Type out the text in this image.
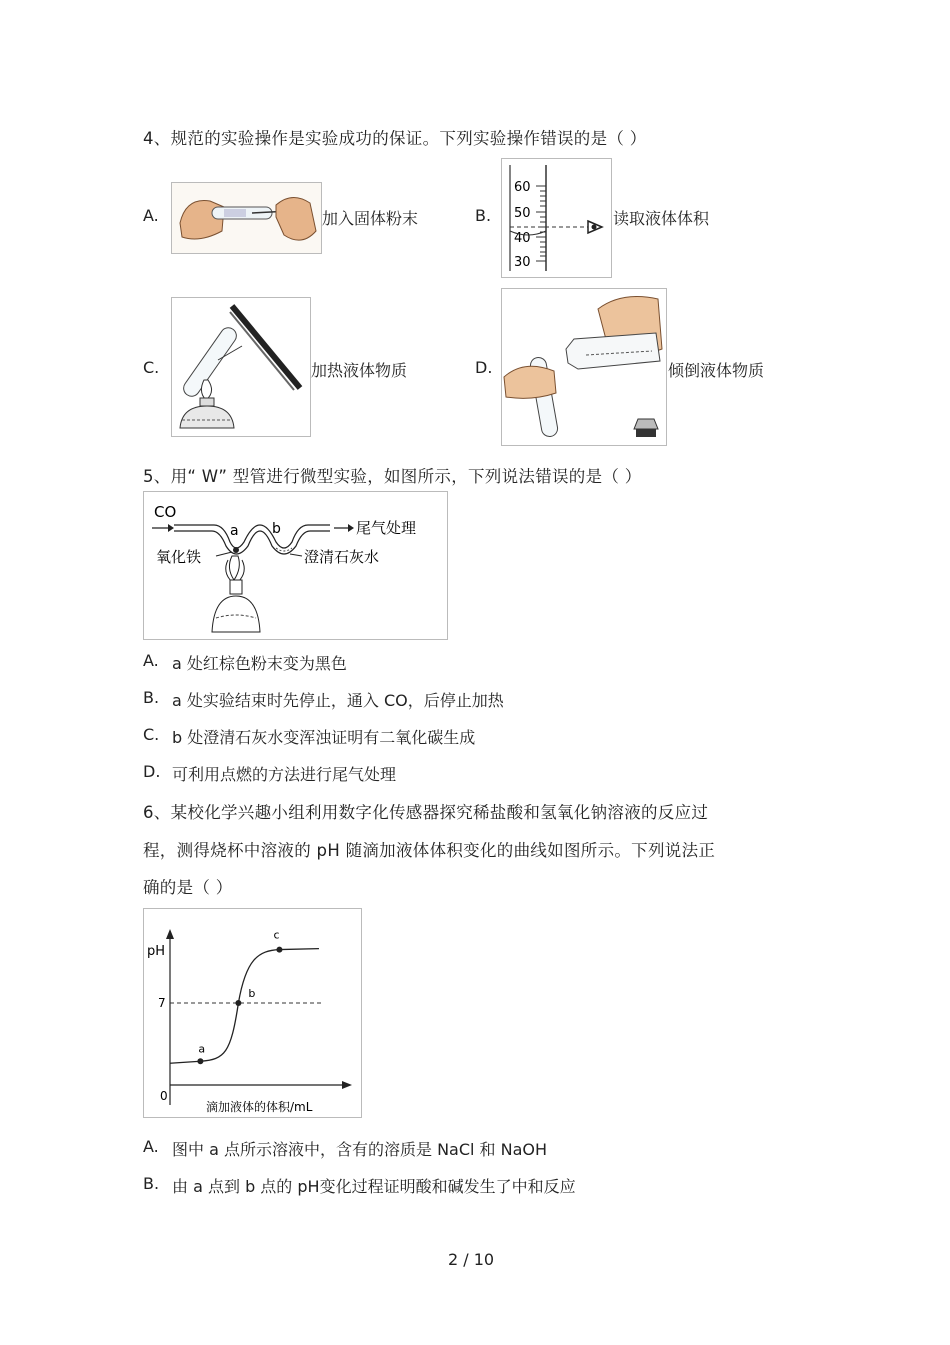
4、规范的实验操作是实验成功的保证。下列实验操作错误的是（ ）
A.	加入固体粉末	B.
60
50
40
30
读取液体体积
C.	加热液体物质	D.	倾倒液体物质
5、用“ W” 型管进行微型实验，如图所示，下列说法错误的是（ ）
CO
a b	尾气处理
氧化铁	澄清石灰水
A. a 处红棕色粉末变为黑色
B. a 处实验结束时先停止，通入 CO，后停止加热
C. b 处澄清石灰水变浑浊证明有二氧化碳生成
D. 可利用点燃的方法进行尾气处理
6、某校化学兴趣小组利用数字化传感器探究稀盐酸和氢氧化钠溶液的反应过
程，测得烧杯中溶液的 pH 随滴加液体体积变化的曲线如图所示。下列说法正
确的是（ ）
pH
7
0
a
b
c
滴加液体的体积/mL
A. 图中 a 点所示溶液中，含有的溶质是 NaCl 和 NaOH
B. 由 a 点到 b 点的 pH变化过程证明酸和碱发生了中和反应
2 / 10
